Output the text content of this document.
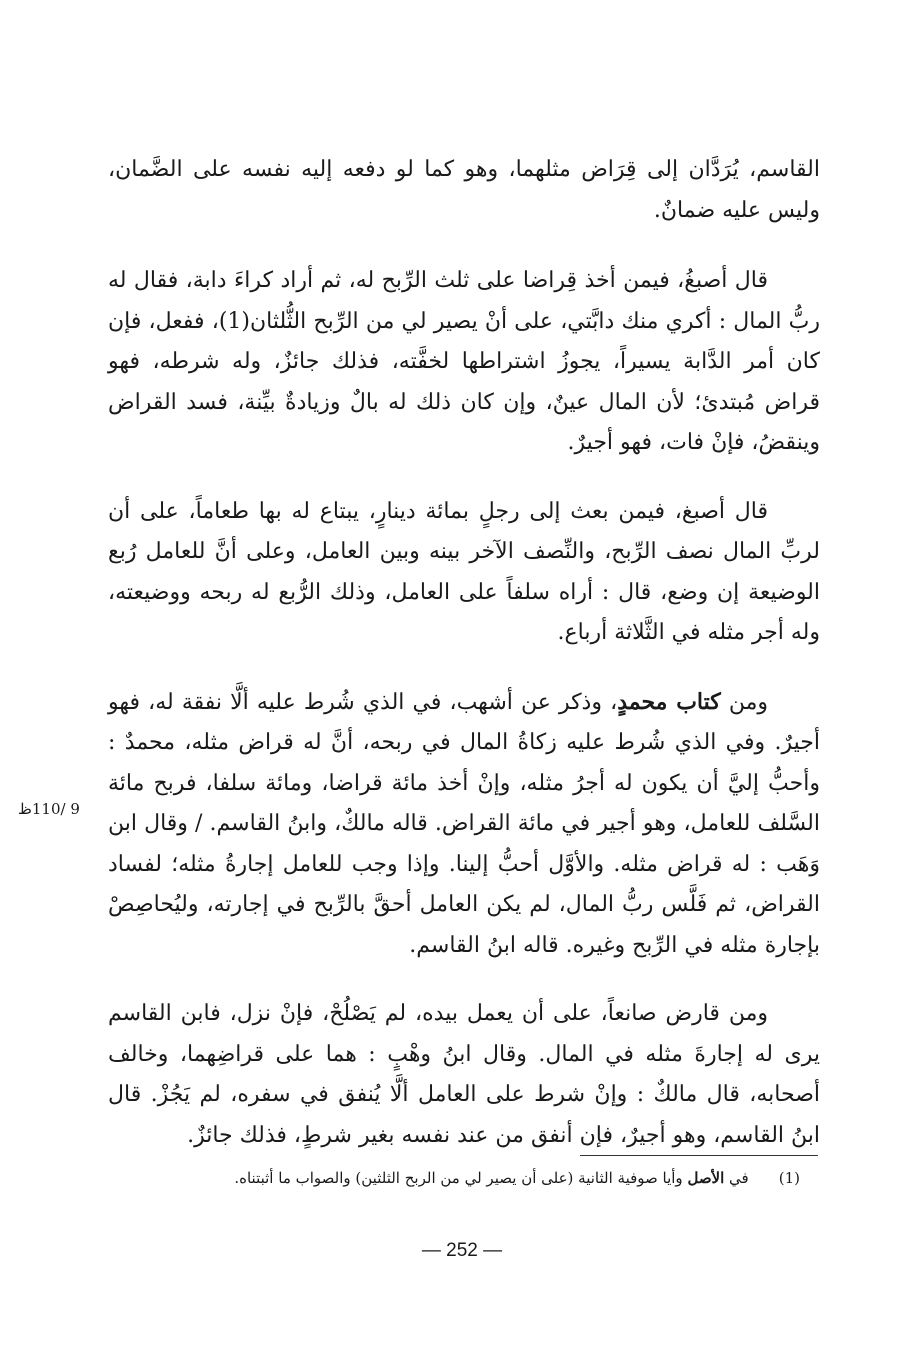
القاسم، يُرَدَّان إلى قِرَاض مثلهما، وهو كما لو دفعه إليه نفسه على الضَّمان، وليس عليه ضمانٌ.

قال أصبغُ، فيمن أخذ قِراضا على ثلث الرِّبح له، ثم أراد كراءَ دابة، فقال له ربُّ المال : أكري منك دابَّتي، على أنْ يصير لي من الرِّبح الثُّلثان(1)، ففعل، فإن كان أمر الدَّابة يسيراً، يجوزُ اشتراطها لخفَّته، فذلك جائزٌ، وله شرطه، فهو قراض مُبتدئ؛ لأن المال عينٌ، وإن كان ذلك له بالٌ وزيادةٌ بيِّنة، فسد القراض وينقضُ، فإنْ فات، فهو أجيرٌ.

قال أصبغ، فيمن بعث إلى رجلٍ بمائة دينارٍ، يبتاع له بها طعاماً، على أن لربِّ المال نصف الرِّبح، والنِّصف الآخر بينه وبين العامل، وعلى أنَّ للعامل رُبع الوضيعة إن وضع، قال : أراه سلفاً على العامل، وذلك الرُّبع له ربحه ووضيعته، وله أجر مثله في الثَّلاثة أرباع.

ومن كتاب محمدٍ، وذكر عن أشهب، في الذي شُرط عليه ألَّا نفقة له، فهو أجيرٌ. وفي الذي شُرط عليه زكاةُ المال في ربحه، أنَّ له قراض مثله، محمدٌ : وأحبُّ إليَّ أن يكون له أجرُ مثله، وإنْ أخذ مائة قراضا، ومائة سلفا، فربح مائة السَّلف للعامل، وهو أجير في مائة القراض. قاله مالكٌ، وابنُ القاسم. / وقال ابن وَهَب : له قراض مثله. والأوَّل أحبُّ إلينا. وإذا وجب للعامل إجارةُ مثله؛ لفساد القراض، ثم فَلَّس ربُّ المال، لم يكن العامل أحقَّ بالرِّبح في إجارته، وليُحاصِصْ بإجارة مثله في الرِّبح وغيره. قاله ابنُ القاسم.

ومن قارض صانعاً، على أن يعمل بيده، لم يَصْلُحْ، فإنْ نزل، فابن القاسم يرى له إجارةَ مثله في المال. وقال ابنُ وهْبٍ : هما على قراضِهما، وخالف أصحابه، قال مالكٌ : وإنْ شرط على العامل ألَّا يُنفق في سفره، لم يَجُزْ. قال ابنُ القاسم، وهو أجيرٌ، فإن أنفق من عند نفسه بغير شرطٍ، فذلك جائزٌ.

9 /110ظ
(1)في الأصل وأيا صوفية الثانية (على أن يصير لي من الربح الثلثين) والصواب ما أثبتناه.
— 252 —
